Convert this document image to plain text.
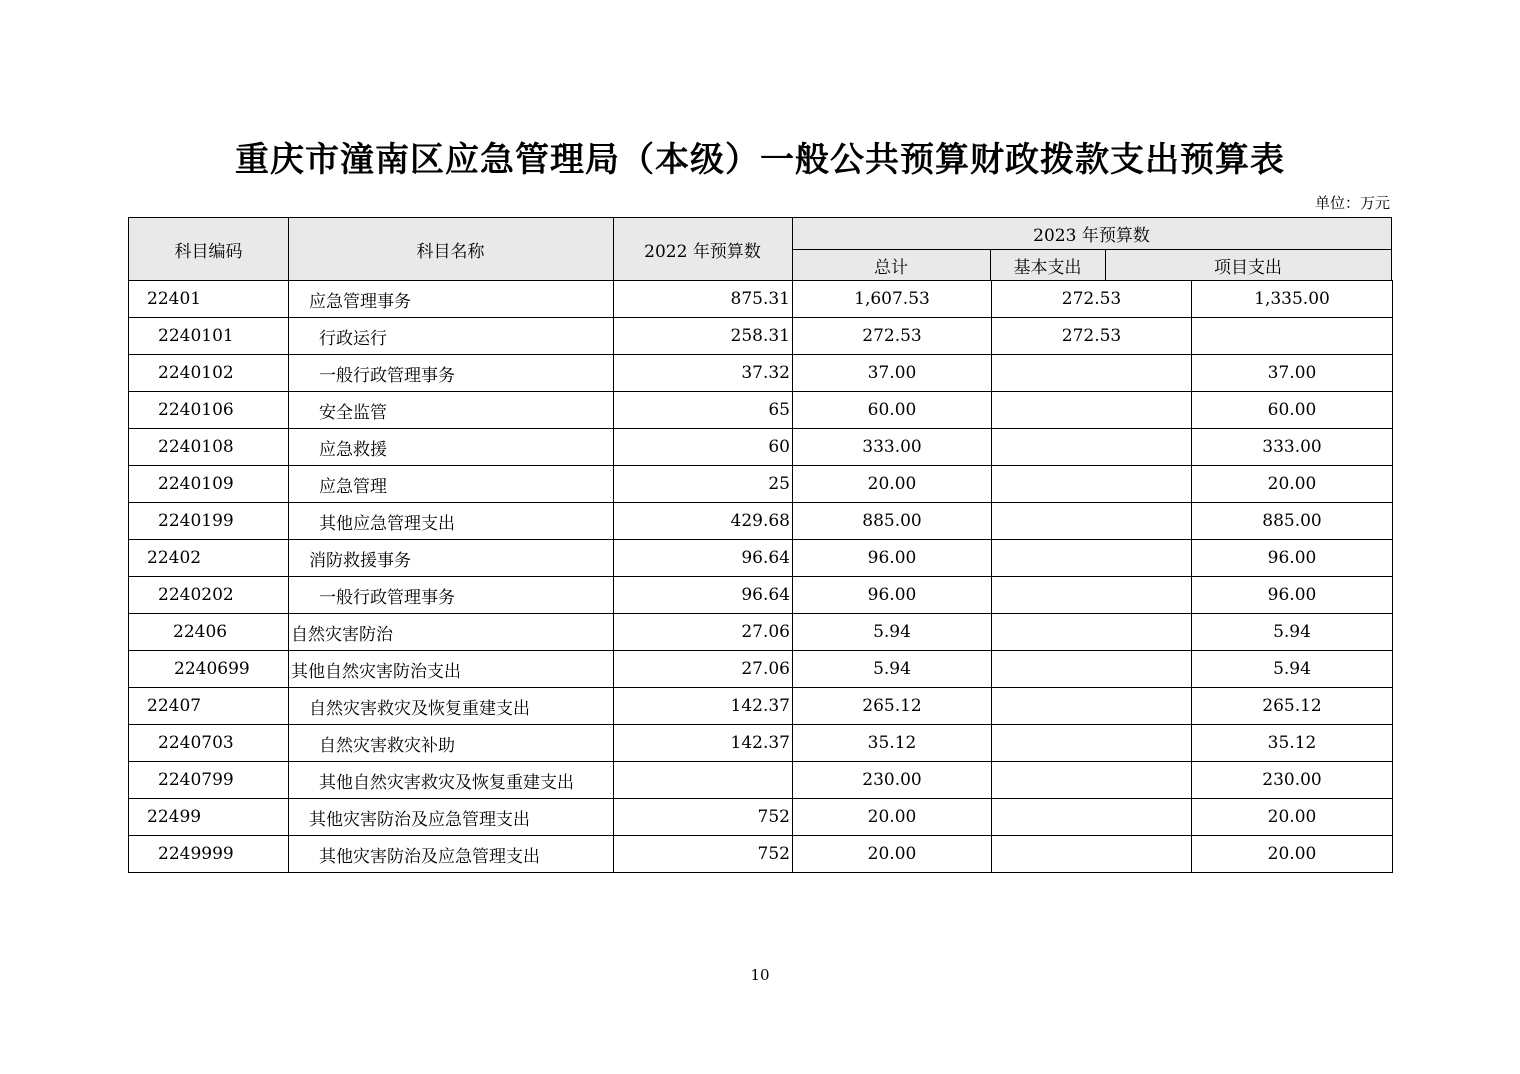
重庆市潼南区应急管理局（本级）一般公共预算财政拨款支出预算表
单位：万元
科目编码	科目名称	2022 年预算数
2023 年预算数
总计	基本支出	项目支出
22401	应急管理事务	875.31	1,607.53	272.53	1,335.00
2240101	行政运行	258.31	272.53	272.53	
2240102	一般行政管理事务	37.32	37.00		37.00
2240106	安全监管	65	60.00		60.00
2240108	应急救援	60	333.00		333.00
2240109	应急管理	25	20.00		20.00
2240199	其他应急管理支出	429.68	885.00		885.00
22402	消防救援事务	96.64	96.00		96.00
2240202	一般行政管理事务	96.64	96.00		96.00
22406	自然灾害防治	27.06	5.94		5.94
2240699	其他自然灾害防治支出	27.06	5.94		5.94
22407	自然灾害救灾及恢复重建支出	142.37	265.12		265.12
2240703	自然灾害救灾补助	142.37	35.12		35.12
2240799	其他自然灾害救灾及恢复重建支出		230.00		230.00
22499	其他灾害防治及应急管理支出	752	20.00		20.00
2249999	其他灾害防治及应急管理支出	752	20.00		20.00
10
